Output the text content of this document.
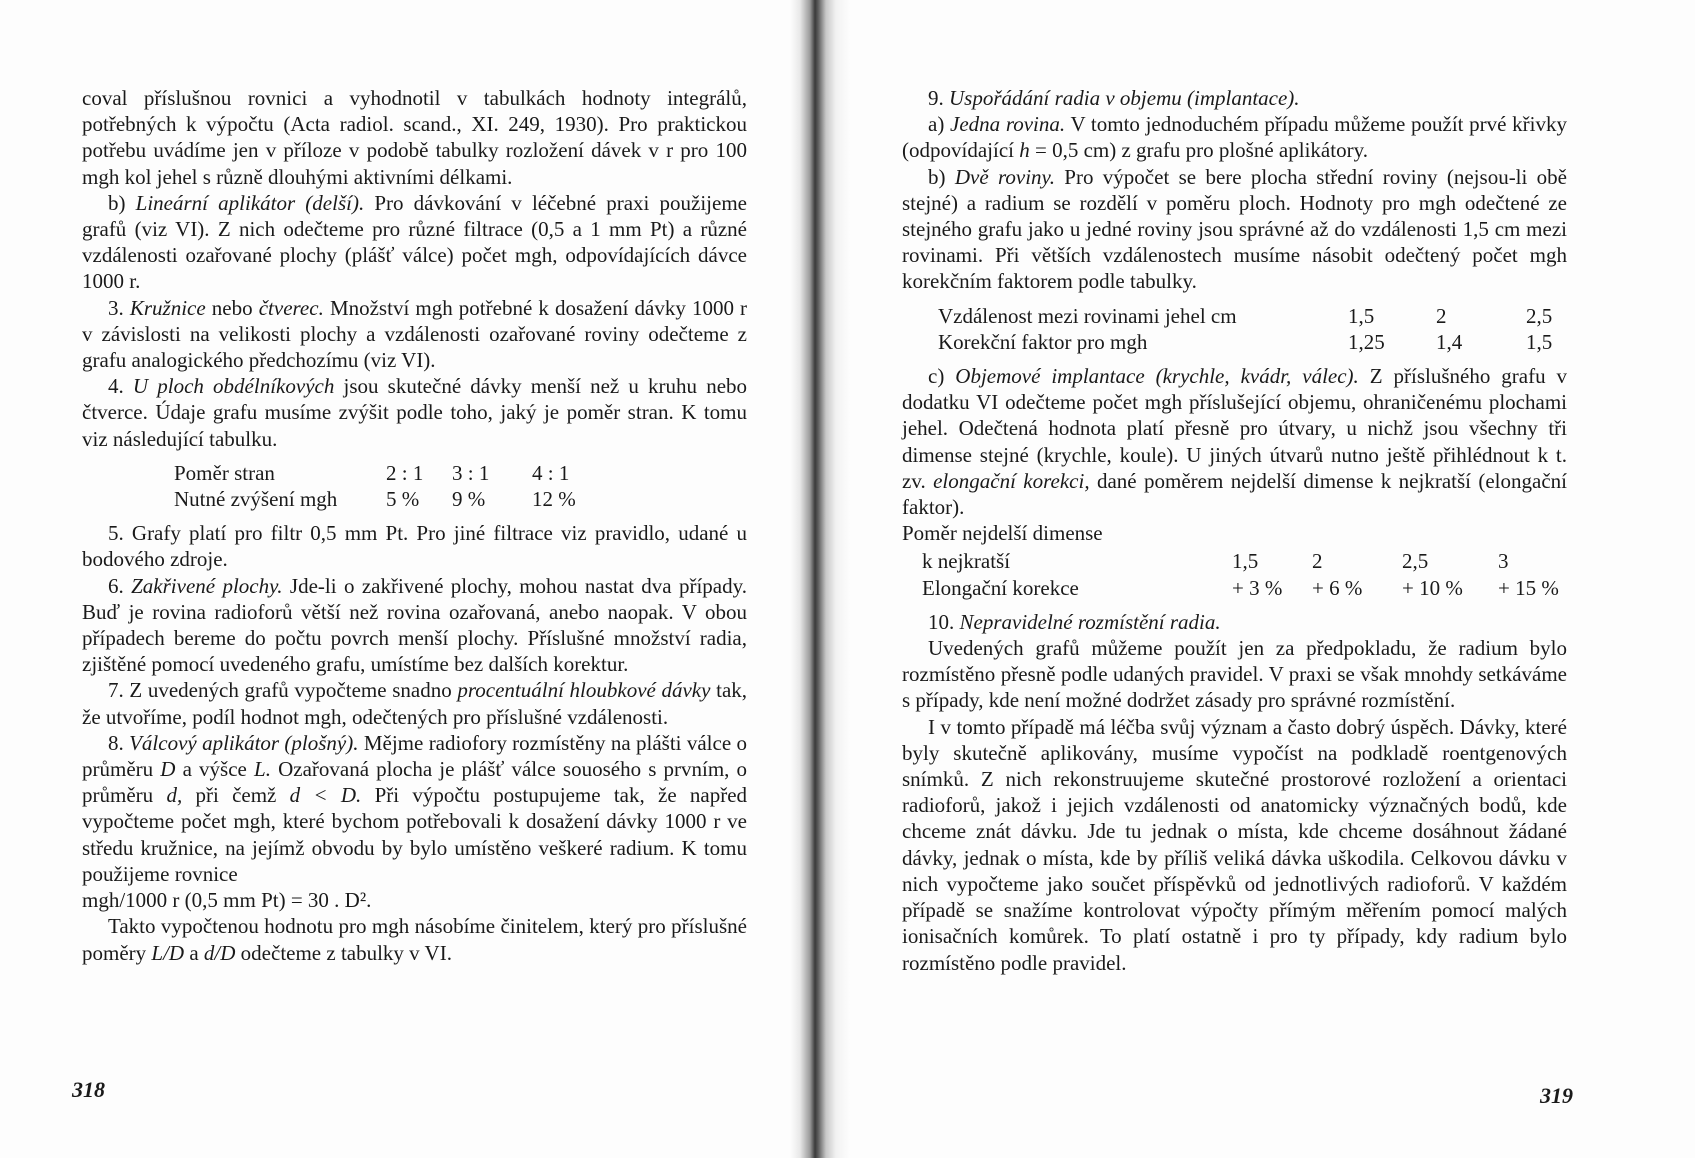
coval příslušnou rovnici a vyhodnotil v tabulkách hodnoty integrálů, potřebných k výpočtu (Acta radiol. scand., XI. 249, 1930). Pro praktickou potřebu uvádíme jen v příloze v podobě tabulky rozložení dávek v r pro 100 mgh kol jehel s různě dlouhými aktivními délkami.

b) Lineární aplikátor (delší). Pro dávkování v léčebné praxi použijeme grafů (viz VI). Z nich odečteme pro různé filtrace (0,5 a 1 mm Pt) a různé vzdálenosti ozařované plochy (plášť válce) počet mgh, odpovídajících dávce 1000 r.

3. Kružnice nebo čtverec. Množství mgh potřebné k dosažení dávky 1000 r v závislosti na velikosti plochy a vzdálenosti ozařované roviny odečteme z grafu analogického předchozímu (viz VI).

4. U ploch obdélníkových jsou skutečné dávky menší než u kruhu nebo čtverce. Údaje grafu musíme zvýšit podle toho, jaký je poměr stran. K tomu viz následující tabulku.

Poměr stran	2 : 1	3 : 1	4 : 1
Nutné zvýšení mgh	5 %	9 %	12 %

5. Grafy platí pro filtr 0,5 mm Pt. Pro jiné filtrace viz pravidlo, udané u bodového zdroje.

6. Zakřivené plochy. Jde-li o zakřivené plochy, mohou nastat dva případy. Buď je rovina radioforů větší než rovina ozařovaná, anebo naopak. V obou případech bereme do počtu povrch menší plochy. Příslušné množství radia, zjištěné pomocí uvedeného grafu, umístíme bez dalších korektur.

7. Z uvedených grafů vypočteme snadno procentuální hloubkové dávky tak, že utvoříme, podíl hodnot mgh, odečtených pro příslušné vzdálenosti.

8. Válcový aplikátor (plošný). Mějme radiofory rozmístěny na plášti válce o průměru D a výšce L. Ozařovaná plocha je plášť válce souosého s prvním, o průměru d, při čemž d < D. Při výpočtu postupujeme tak, že napřed vypočteme počet mgh, které bychom potřebovali k dosažení dávky 1000 r ve středu kružnice, na jejímž obvodu by bylo umístěno veškeré radium. K tomu použijeme rovnice

mgh/1000 r (0,5 mm Pt) = 30 . D².

Takto vypočtenou hodnotu pro mgh násobíme činitelem, který pro příslušné poměry L/D a d/D odečteme z tabulky v VI.

318

9. Uspořádání radia v objemu (implantace).

a) Jedna rovina. V tomto jednoduchém případu můžeme použít prvé křivky (odpovídající h = 0,5 cm) z grafu pro plošné aplikátory.

b) Dvě roviny. Pro výpočet se bere plocha střední roviny (nejsou-li obě stejné) a radium se rozdělí v poměru ploch. Hodnoty pro mgh odečtené ze stejného grafu jako u jedné roviny jsou správné až do vzdálenosti 1,5 cm mezi rovinami. Při větších vzdálenostech musíme násobit odečtený počet mgh korekčním faktorem podle tabulky.

Vzdálenost mezi rovinami jehel cm	1,5	2	2,5
Korekční faktor pro mgh	1,25	1,4	1,5

c) Objemové implantace (krychle, kvádr, válec). Z příslušného grafu v dodatku VI odečteme počet mgh příslušející objemu, ohraničenému plochami jehel. Odečtená hodnota platí přesně pro útvary, u nichž jsou všechny tři dimense stejné (krychle, koule). U jiných útvarů nutno ještě přihlédnout k t. zv. elongační korekci, dané poměrem nejdelší dimense k nejkratší (elongační faktor).

Poměr nejdelší dimense

k nejkratší	1,5	2	2,5	3
Elongační korekce	+ 3 %	+ 6 %	+ 10 %	+ 15 %

10. Nepravidelné rozmístění radia.

Uvedených grafů můžeme použít jen za předpokladu, že radium bylo rozmístěno přesně podle udaných pravidel. V praxi se však mnohdy setkáváme s případy, kde není možné dodržet zásady pro správné rozmístění.

I v tomto případě má léčba svůj význam a často dobrý úspěch. Dávky, které byly skutečně aplikovány, musíme vypočíst na podkladě roentgenových snímků. Z nich rekonstruujeme skutečné prostorové rozložení a orientaci radioforů, jakož i jejich vzdálenosti od anatomicky význačných bodů, kde chceme znát dávku. Jde tu jednak o místa, kde chceme dosáhnout žádané dávky, jednak o místa, kde by příliš veliká dávka uškodila. Celkovou dávku v nich vypočteme jako součet příspěvků od jednotlivých radioforů. V každém případě se snažíme kontrolovat výpočty přímým měřením pomocí malých ionisačních komůrek. To platí ostatně i pro ty případy, kdy radium bylo rozmístěno podle pravidel.

319
